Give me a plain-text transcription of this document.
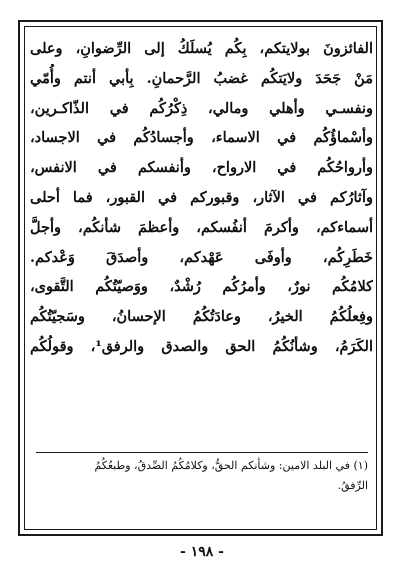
الفائزونَ بولايتكم، بِكُم يُسلَكُ إلى الرِّضوانِ، وعلى
مَنْ جَحَدَ ولايَتكُم غضبُ الرَّحمانِ. بِأبي أنتم وأُمّي
ونفسـي وأهلي ومالي، ذِكْرُكُم في الذّاكـرين،
وأسْماؤُكُم في الاسماء، وأجسادُكُم في الاجساد،
وأرواحُكُم في الارواح، وأنفسكم في الانفس،
وآثارُكم في الآثار، وقبوركم في القبور، فما أحلى
أسماءكم، وأكرمَ أنفُسكم، وأعظمَ شأنكُم، وأجلَّ
خَطَرِكُم، وأوفَى عَهْدكم، وأصدَقَ وَعْدكم.
كلامُكُم نورٌ، وأمرُكُم رُشْدٌ، ووَصيّتُكُم التَّقوى،
وفِعلُكُمُ الخيرُ، وعادَتُكُمُ الإحسانُ، وسَجيّتُكُم
الكَرَمُ، وشأنُكُمُ الحق والصدق والرفق¹، وقولُكُم
(١) في البلد الامين: وشأنكم الحقُّ، وكلامُكُمُ الصِّدقُ، وطبعُكُمُ
الرِّفقُ.
- ١٩٨ -
